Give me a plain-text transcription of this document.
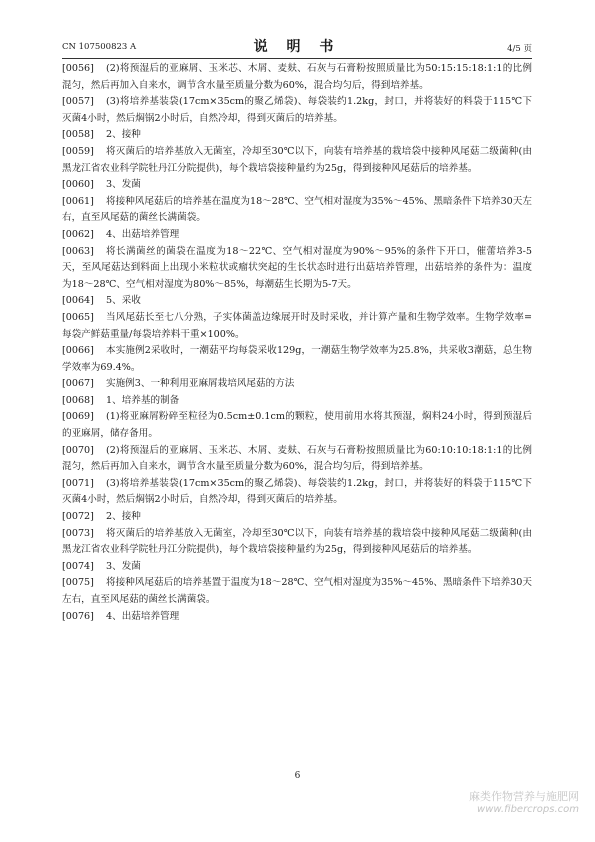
CN 107500823 A	说 明 书	4/5 页
[0056]	(2)将预湿后的亚麻屑、玉米芯、木屑、麦麸、石灰与石膏粉按照质量比为50:15:15:18:1:1的比例混匀，然后再加入自来水，调节含水量至质量分数为60%，混合均匀后，得到培养基。

[0057]	(3)将培养基装袋(17cm×35cm的聚乙烯袋)、每袋装约1.2kg，封口，并将装好的料袋于115℃下灭菌4小时，然后焖锅2小时后，自然冷却，得到灭菌后的培养基。

[0058]	2、接种

[0059]	将灭菌后的培养基放入无菌室，冷却至30℃以下，向装有培养基的栽培袋中接种风尾菇二级菌种(由黑龙江省农业科学院牡丹江分院提供)，每个栽培袋接种量约为25g，得到接种风尾菇后的培养基。

[0060]	3、发菌

[0061]	将接种风尾菇后的培养基在温度为18～28℃、空气相对湿度为35%～45%、黑暗条件下培养30天左右，直至风尾菇的菌丝长满菌袋。

[0062]	4、出菇培养管理

[0063]	将长满菌丝的菌袋在温度为18～22℃、空气相对湿度为90%～95%的条件下开口，催蕾培养3-5天，至风尾菇达到料面上出现小米粒状或瘤状突起的生长状态时进行出菇培养管理，出菇培养的条件为：温度为18～28℃、空气相对湿度为80%～85%，每潮菇生长期为5-7天。

[0064]	5、采收

[0065]	当风尾菇长至七八分熟，子实体菌盖边缘展开时及时采收，并计算产量和生物学效率。生物学效率=每袋产鲜菇重量/每袋培养料干重×100%。

[0066]	本实施例2采收时，一潮菇平均每袋采收129g，一潮菇生物学效率为25.8%，共采收3潮菇，总生物学效率为69.4%。

[0067]	实施例3、一种利用亚麻屑栽培风尾菇的方法

[0068]	1、培养基的制备

[0069]	(1)将亚麻屑粉碎至粒径为0.5cm±0.1cm的颗粒，使用前用水将其预湿，焖料24小时，得到预湿后的亚麻屑，储存备用。

[0070]	(2)将预湿后的亚麻屑、玉米芯、木屑、麦麸、石灰与石膏粉按照质量比为60:10:10:18:1:1的比例混匀，然后再加入自来水，调节含水量至质量分数为60%，混合均匀后，得到培养基。

[0071]	(3)将培养基装袋(17cm×35cm的聚乙烯袋)、每袋装约1.2kg，封口，并将装好的料袋于115℃下灭菌4小时，然后焖锅2小时后，自然冷却，得到灭菌后的培养基。

[0072]	2、接种

[0073]	将灭菌后的培养基放入无菌室，冷却至30℃以下，向装有培养基的栽培袋中接种风尾菇二级菌种(由黑龙江省农业科学院牡丹江分院提供)，每个栽培袋接种量约为25g，得到接种风尾菇后的培养基。

[0074]	3、发菌

[0075]	将接种风尾菇后的培养基置于温度为18～28℃、空气相对湿度为35%～45%、黑暗条件下培养30天左右，直至风尾菇的菌丝长满菌袋。

[0076]	4、出菇培养管理

6
麻类作物营养与施肥网
www.fibercrops.com
